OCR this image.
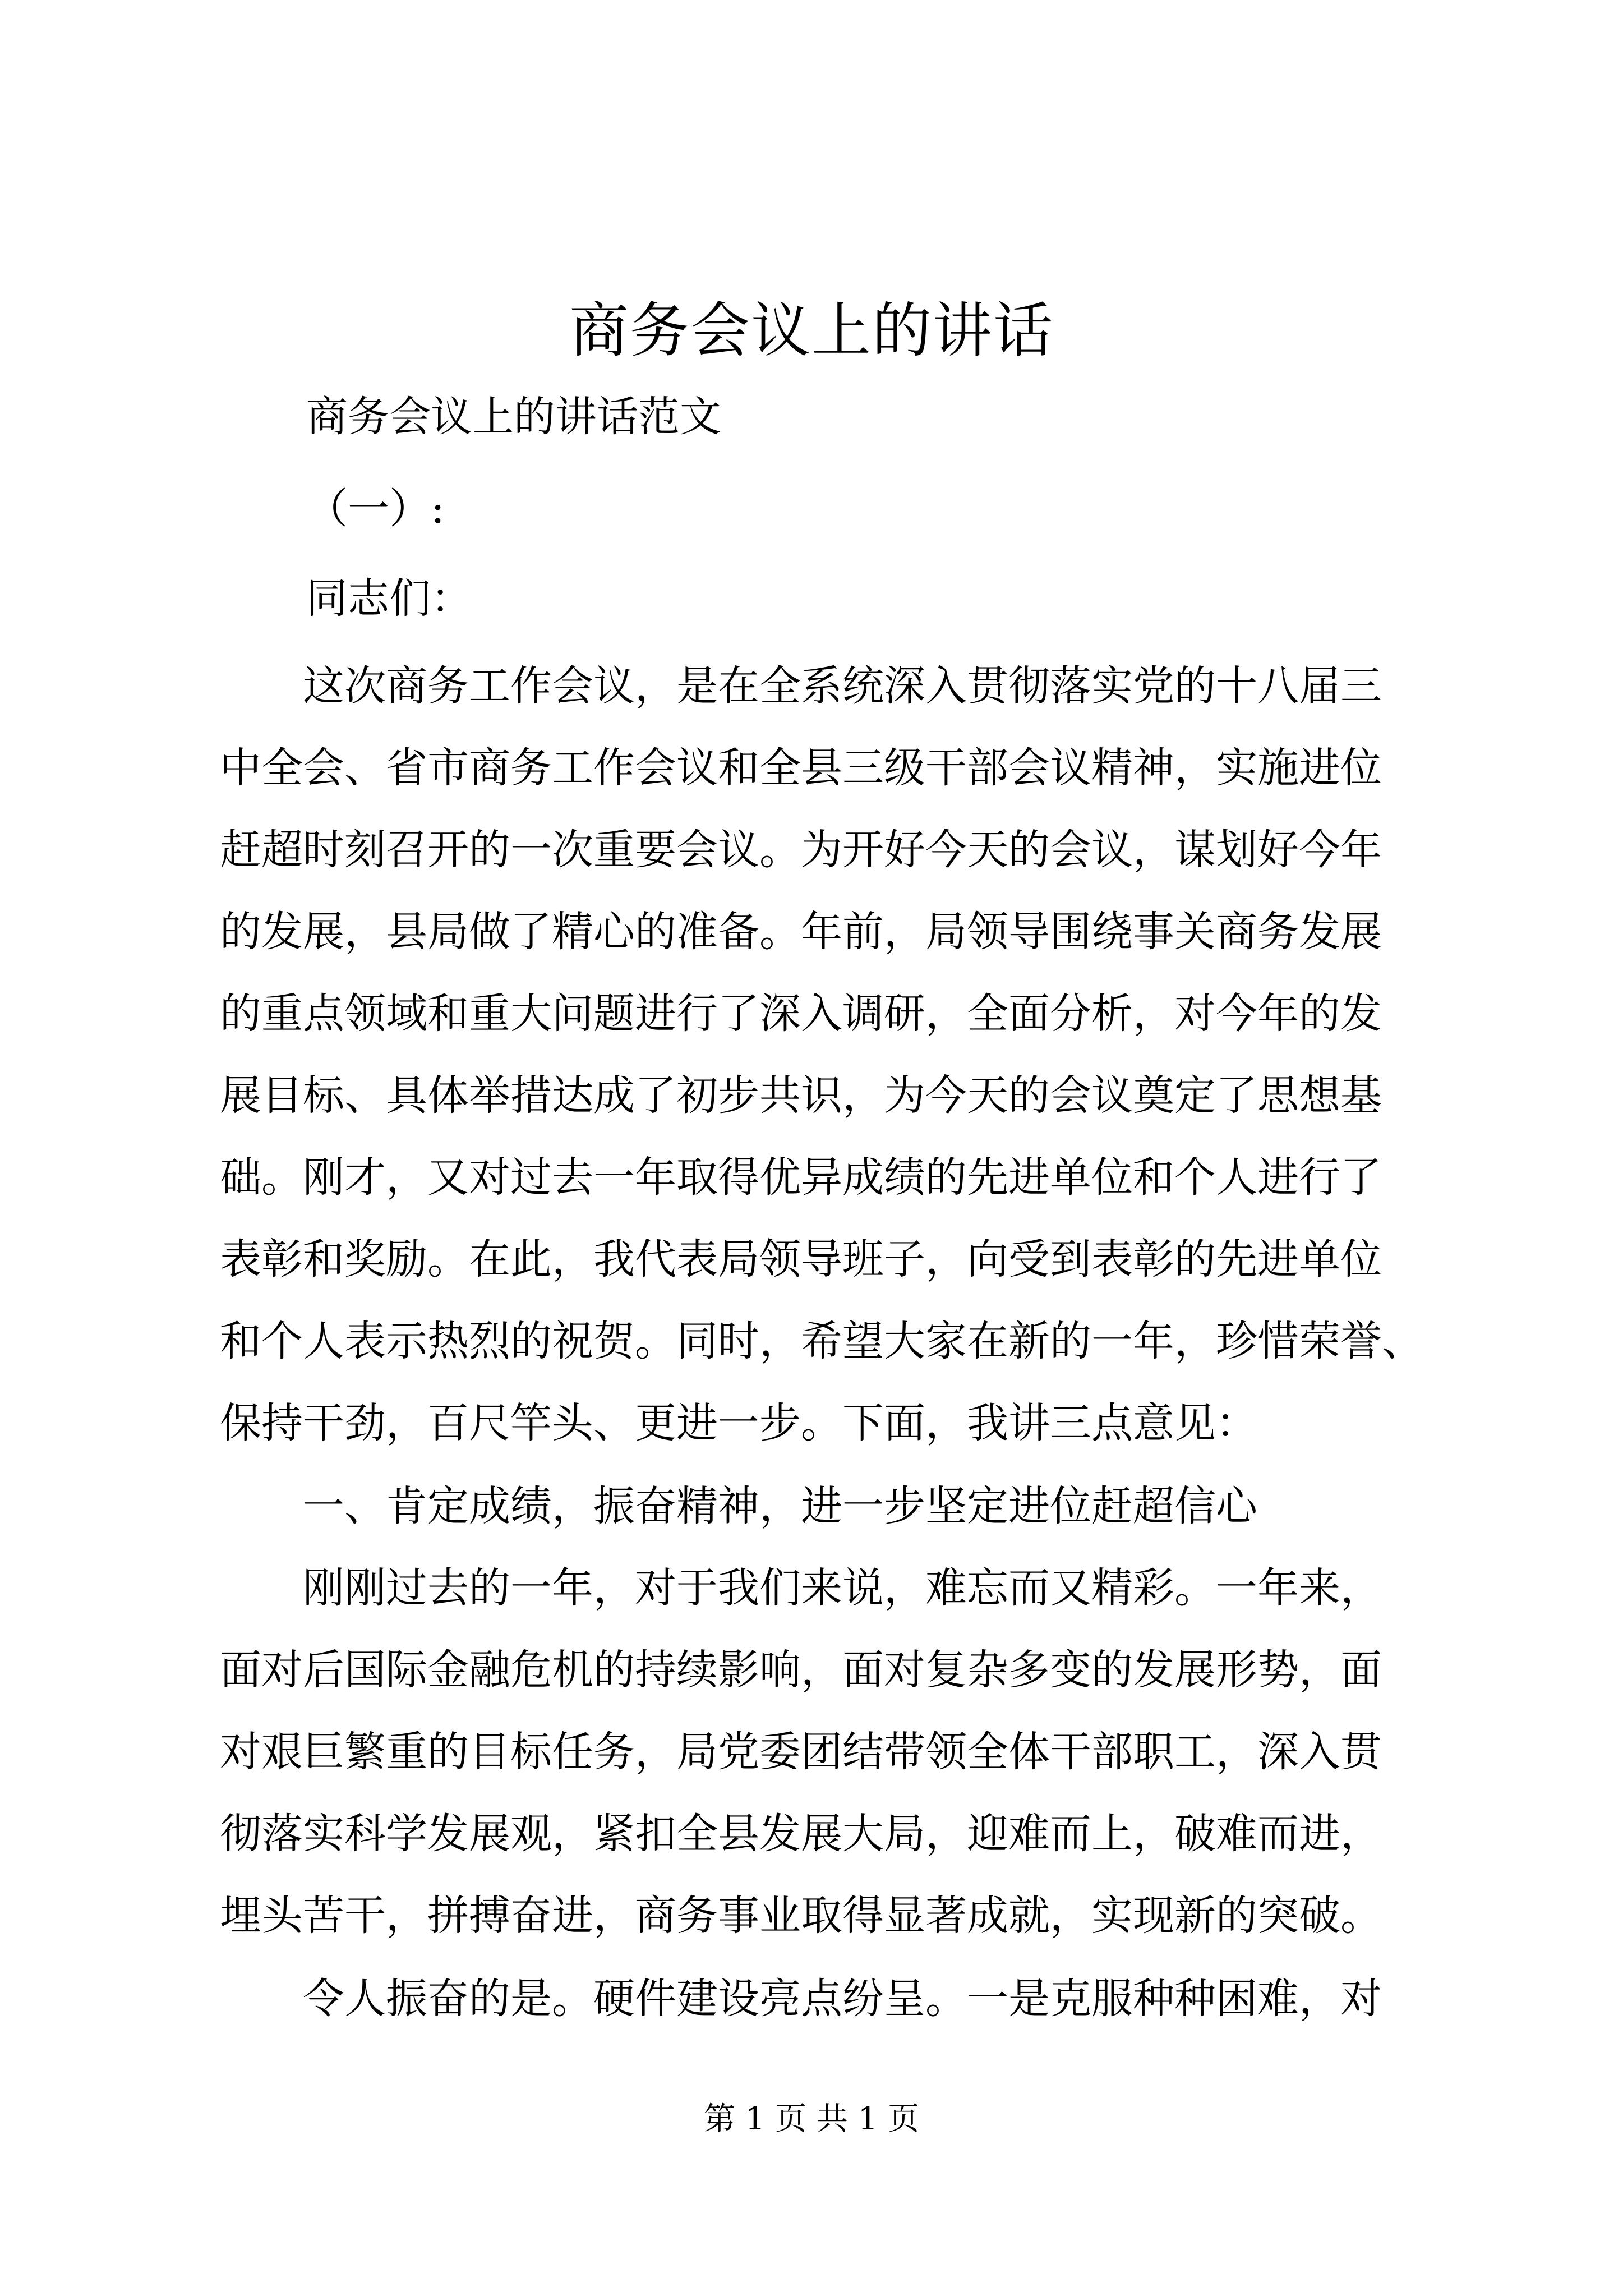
商务会议上的讲话
商务会议上的讲话范文
（一）:
同志们：
　　这次商务工作会议，是在全系统深入贯彻落实党的十八届三
中全会、省市商务工作会议和全县三级干部会议精神，实施进位
赶超时刻召开的一次重要会议。为开好今天的会议，谋划好今年
的发展，县局做了精心的准备。年前，局领导围绕事关商务发展
的重点领域和重大问题进行了深入调研，全面分析，对今年的发
展目标、具体举措达成了初步共识，为今天的会议奠定了思想基
础。刚才，又对过去一年取得优异成绩的先进单位和个人进行了
表彰和奖励。在此，我代表局领导班子，向受到表彰的先进单位
和个人表示热烈的祝贺。同时，希望大家在新的一年，珍惜荣誉、
保持干劲，百尺竿头、更进一步。下面，我讲三点意见：
　　一、肯定成绩，振奋精神，进一步坚定进位赶超信心
　　刚刚过去的一年，对于我们来说，难忘而又精彩。一年来，
面对后国际金融危机的持续影响，面对复杂多变的发展形势，面
对艰巨繁重的目标任务，局党委团结带领全体干部职工，深入贯
彻落实科学发展观，紧扣全县发展大局，迎难而上，破难而进，
埋头苦干，拼搏奋进，商务事业取得显著成就，实现新的突破。
　　令人振奋的是。硬件建设亮点纷呈。一是克服种种困难，对
第 1 页 共 1 页
